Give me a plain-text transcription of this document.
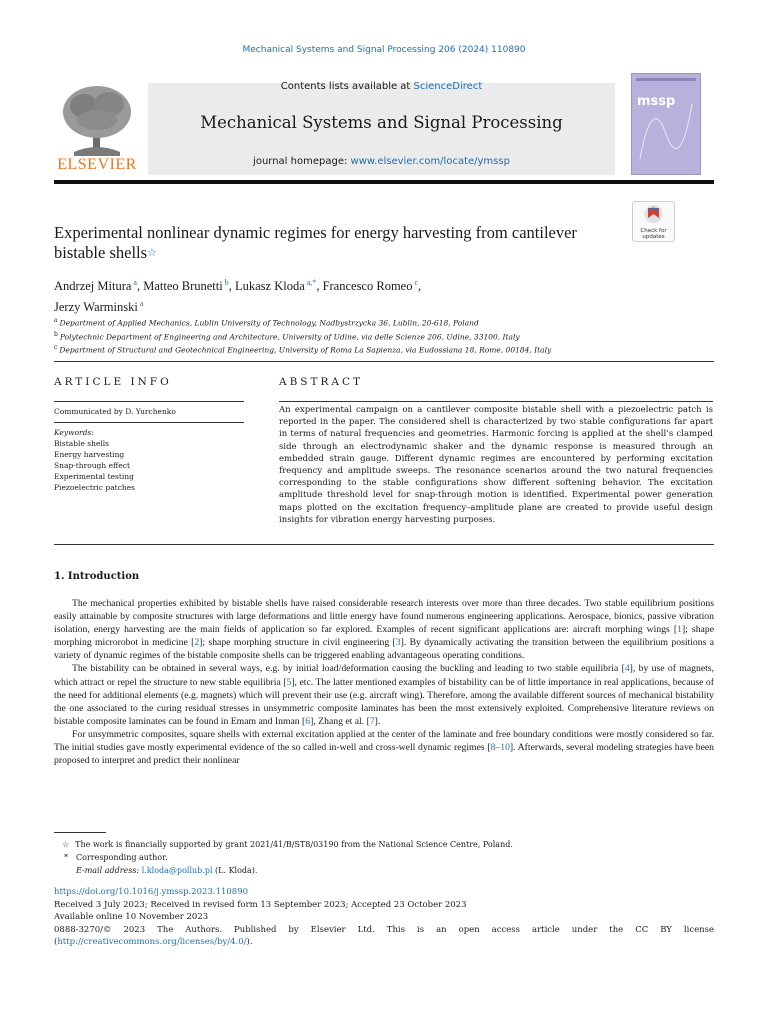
Mechanical Systems and Signal Processing 206 (2024) 110890
ELSEVIER
Contents lists available at ScienceDirect
Mechanical Systems and Signal Processing
journal homepage: www.elsevier.com/locate/ymssp
mssp
Check for
updates
Experimental nonlinear dynamic regimes for energy harvesting from cantilever bistable shells☆
Andrzej Mitura $^a$, Matteo Brunetti $^b$, Lukasz Kloda $^{a,*}$, Francesco Romeo $^c$,
Jerzy Warminski $^a$
$^a$ Department of Applied Mechanics, Lublin University of Technology, Nadbystrzycka 36, Lublin, 20-618, Poland
$^b$ Polytechnic Department of Engineering and Architecture, University of Udine, via delle Scienze 206, Udine, 33100, Italy
$^c$ Department of Structural and Geotechnical Engineering, University of Roma La Sapienza, via Eudossiana 18, Rome, 00184, Italy
ARTICLE INFO
Communicated by D. Yurchenko
Keywords:
Bistable shells
Energy harvesting
Snap-through effect
Experimental testing
Piezoelectric patches
ABSTRACT
An experimental campaign on a cantilever composite bistable shell with a piezoelectric patch is reported in the paper. The considered shell is characterized by two stable configurations far apart in terms of natural frequencies and geometries. Harmonic forcing is applied at the shell’s clamped side through an electrodynamic shaker and the dynamic response is measured through an embedded strain gauge. Different dynamic regimes are encountered by performing excitation frequency and amplitude sweeps. The resonance scenarios around the two natural frequencies corresponding to the stable configurations show different softening behavior. The excitation amplitude threshold level for snap-through motion is identified. Experimental power generation maps plotted on the excitation frequency–amplitude plane are created to provide useful design insights for vibration energy harvesting purposes.
1. Introduction

The mechanical properties exhibited by bistable shells have raised considerable research interests over more than three decades. Two stable equilibrium positions easily attainable by composite structures with large deformations and little energy have found numerous engineering applications. Aerospace, bionics, passive vibration isolation, energy harvesting are the main fields of application so far explored. Examples of recent significant applications are: aircraft morphing wings [1]; shape morphing microrobot in medicine [2]; shape morphing structure in civil engineering [3]. By dynamically activating the transition between the equilibrium positions a variety of dynamic regimes of the bistable composite shells can be triggered enabling advantageous operating conditions.

The bistability can be obtained in several ways, e.g. by initial load/deformation causing the buckling and leading to two stable equilibria [4], by use of magnets, which attract or repel the structure to new stable equilibria [5], etc. The latter mentioned examples of bistability can be of little importance in real applications, because of the need for additional elements (e.g. magnets) which will prevent their use (e.g. aircraft wing). Therefore, among the available different sources of mechanical bistability the one associated to the curing residual stresses in unsymmetric composite laminates has been the most extensively exploited. Comprehensive literature reviews on bistable composite laminates can be found in Emam and Inman [6], Zhang et al. [7].

For unsymmetric composites, square shells with external excitation applied at the center of the laminate and free boundary conditions were mostly considered so far. The initial studies gave mostly experimental evidence of the so called in-well and cross-well dynamic regimes [8–10]. Afterwards, several modeling strategies have been proposed to interpret and predict their nonlinear

☆ The work is financially supported by grant 2021/41/B/ST8/03190 from the National Science Centre, Poland.
* Corresponding author.
E-mail address: l.kloda@pollub.pl (L. Kloda).
https://doi.org/10.1016/j.ymssp.2023.110890
Received 3 July 2023; Received in revised form 13 September 2023; Accepted 23 October 2023
Available online 10 November 2023
0888-3270/© 2023 The Authors. Published by Elsevier Ltd. This is an open access article under the CC BY license
(http://creativecommons.org/licenses/by/4.0/).
